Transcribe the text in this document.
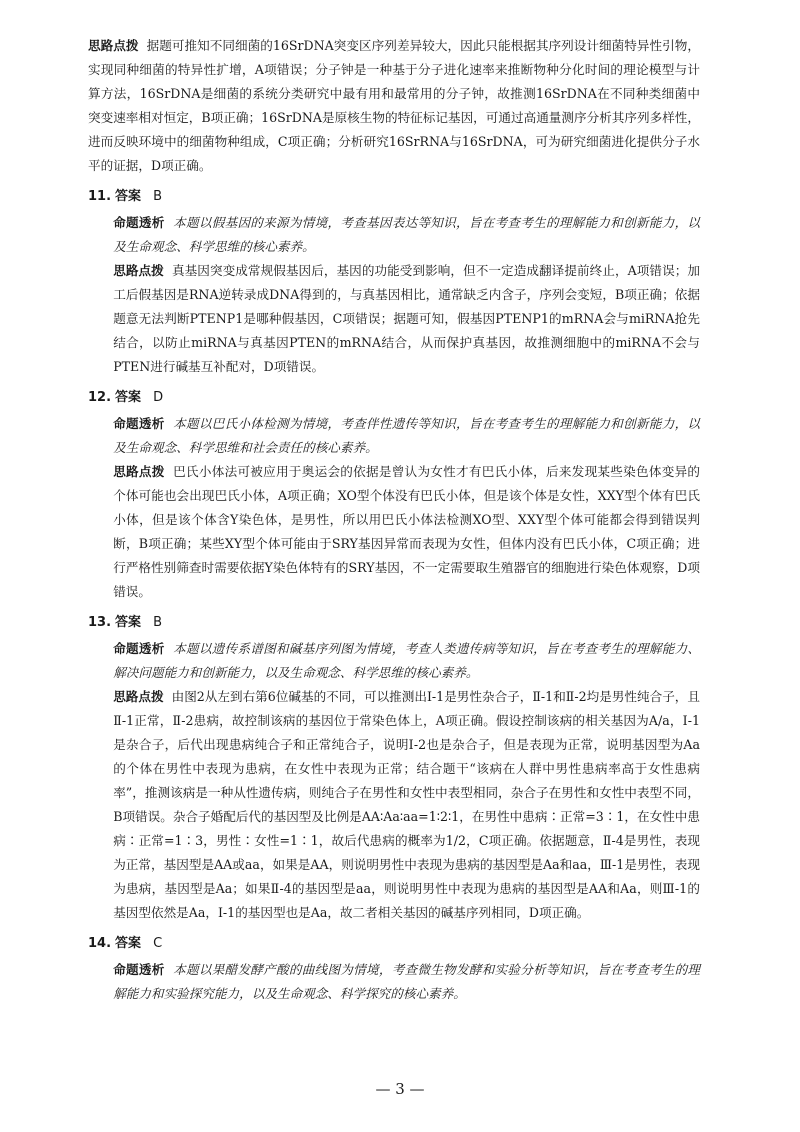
思路点拨 据题可推知不同细菌的16SrDNA突变区序列差异较大，因此只能根据其序列设计细菌特异性引物，实现同种细菌的特异性扩增，A项错误；分子钟是一种基于分子进化速率来推断物种分化时间的理论模型与计算方法，16SrDNA是细菌的系统分类研究中最有用和最常用的分子钟，故推测16SrDNA在不同种类细菌中突变速率相对恒定，B项正确；16SrDNA是原核生物的特征标记基因，可通过高通量测序分析其序列多样性，进而反映环境中的细菌物种组成，C项正确；分析研究16SrRNA与16SrDNA，可为研究细菌进化提供分子水平的证据，D项正确。

11. 答案 B

命题透析 本题以假基因的来源为情境，考查基因表达等知识，旨在考查考生的理解能力和创新能力，以及生命观念、科学思维的核心素养。

思路点拨 真基因突变成常规假基因后，基因的功能受到影响，但不一定造成翻译提前终止，A项错误；加工后假基因是RNA逆转录成DNA得到的，与真基因相比，通常缺乏内含子，序列会变短，B项正确；依据题意无法判断PTENP1是哪种假基因，C项错误；据题可知，假基因PTENP1的mRNA会与miRNA抢先结合，以防止miRNA与真基因PTEN的mRNA结合，从而保护真基因，故推测细胞中的miRNA不会与PTEN进行碱基互补配对，D项错误。

12. 答案 D

命题透析 本题以巴氏小体检测为情境，考查伴性遗传等知识，旨在考查考生的理解能力和创新能力，以及生命观念、科学思维和社会责任的核心素养。

思路点拨 巴氏小体法可被应用于奥运会的依据是曾认为女性才有巴氏小体，后来发现某些染色体变异的个体可能也会出现巴氏小体，A项正确；XO型个体没有巴氏小体，但是该个体是女性，XXY型个体有巴氏小体，但是该个体含Y染色体，是男性，所以用巴氏小体法检测XO型、XXY型个体可能都会得到错误判断，B项正确；某些XY型个体可能由于SRY基因异常而表现为女性，但体内没有巴氏小体，C项正确；进行严格性别筛查时需要依据Y染色体特有的SRY基因，不一定需要取生殖器官的细胞进行染色体观察，D项错误。

13. 答案 B

命题透析 本题以遗传系谱图和碱基序列图为情境，考查人类遗传病等知识，旨在考查考生的理解能力、解决问题能力和创新能力，以及生命观念、科学思维的核心素养。

思路点拨 由图2从左到右第6位碱基的不同，可以推测出Ⅰ-1是男性杂合子，Ⅱ-1和Ⅱ-2均是男性纯合子，且Ⅱ-1正常，Ⅱ-2患病，故控制该病的基因位于常染色体上，A项正确。假设控制该病的相关基因为A/a，Ⅰ-1是杂合子，后代出现患病纯合子和正常纯合子，说明Ⅰ-2也是杂合子，但是表现为正常，说明基因型为Aa的个体在男性中表现为患病，在女性中表现为正常；结合题干“该病在人群中男性患病率高于女性患病率”，推测该病是一种从性遗传病，则纯合子在男性和女性中表型相同，杂合子在男性和女性中表型不同，B项错误。杂合子婚配后代的基因型及比例是AA∶Aa∶aa=1∶2∶1，在男性中患病∶正常=3∶1，在女性中患病∶正常=1∶3，男性∶女性=1∶1，故后代患病的概率为1/2，C项正确。依据题意，Ⅱ-4是男性，表现为正常，基因型是AA或aa，如果是AA，则说明男性中表现为患病的基因型是Aa和aa，Ⅲ-1是男性，表现为患病，基因型是Aa；如果Ⅱ-4的基因型是aa，则说明男性中表现为患病的基因型是AA和Aa，则Ⅲ-1的基因型依然是Aa，Ⅰ-1的基因型也是Aa，故二者相关基因的碱基序列相同，D项正确。

14. 答案 C

命题透析 本题以果醋发酵产酸的曲线图为情境，考查微生物发酵和实验分析等知识，旨在考查考生的理解能力和实验探究能力，以及生命观念、科学探究的核心素养。

— 3 —
